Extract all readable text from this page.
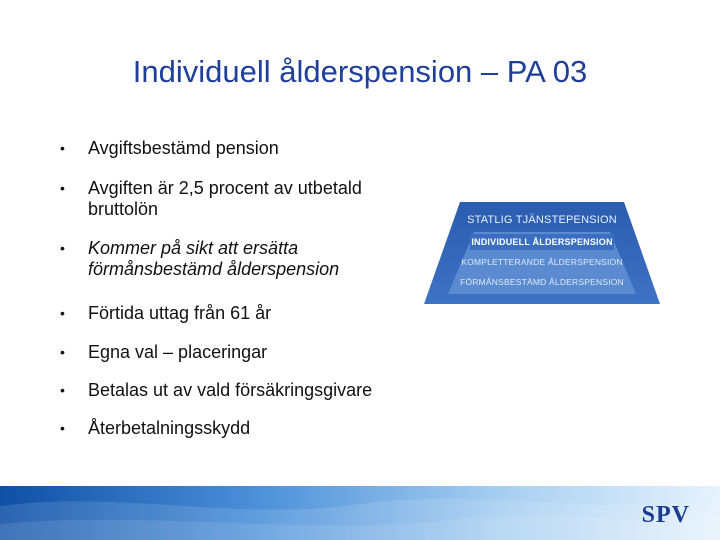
Individuell ålderspension – PA 03
• Avgiftsbestämd pension
• Avgiften är 2,5 procent av utbetald bruttolön
• Kommer på sikt att ersätta förmånsbestämd ålderspension
• Förtida uttag från 61 år
• Egna val – placeringar
• Betalas ut av vald försäkringsgivare
• Återbetalningsskydd
STATLIG TJÄNSTEPENSION
INDIVIDUELL ÅLDERSPENSION
KOMPLETTERANDE ÅLDERSPENSION
FÖRMÅNSBESTÄMD ÅLDERSPENSION
SPV
